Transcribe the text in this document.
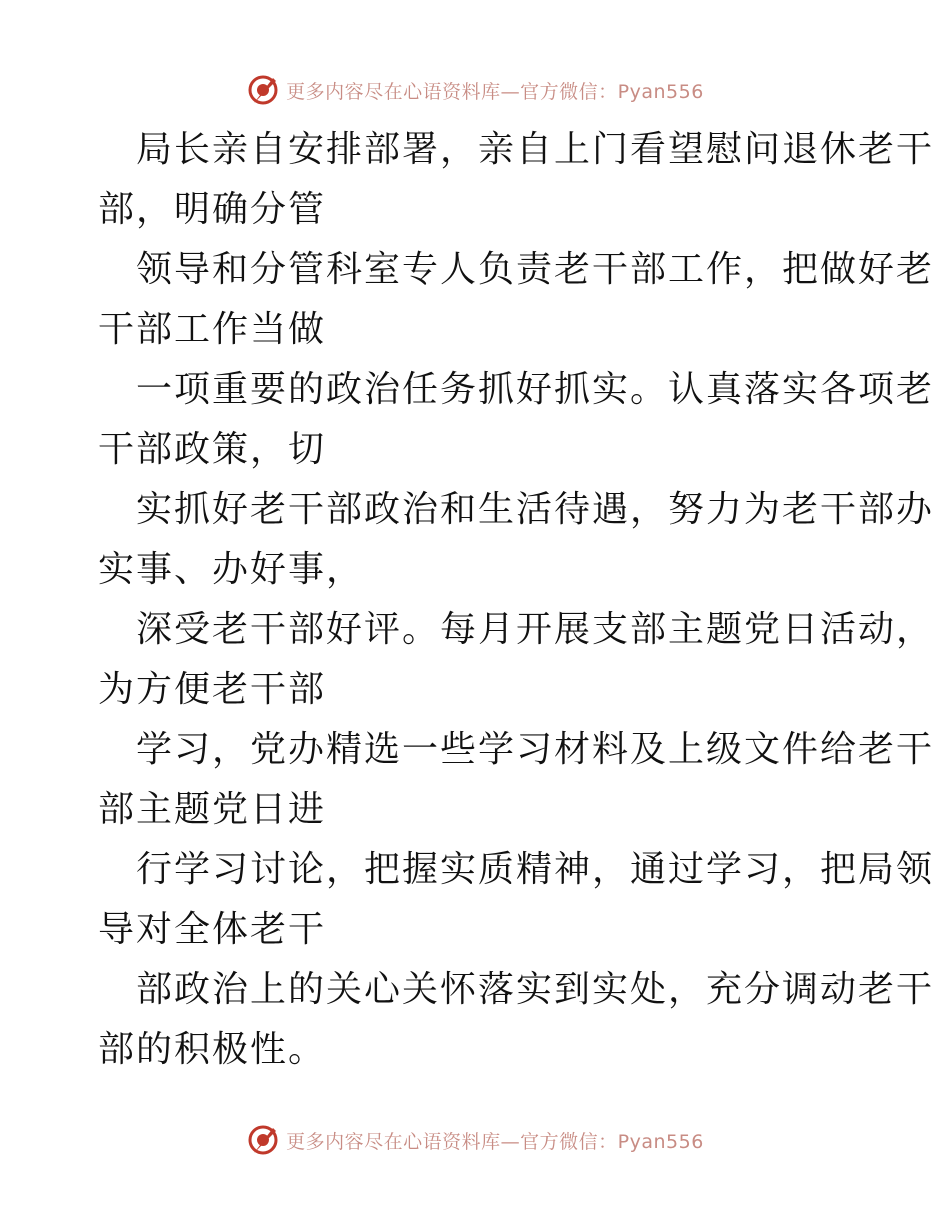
更多内容尽在心语资料库—官方微信：Pyan556
局长亲自安排部署，亲自上门看望慰问退休老干
部，明确分管
领导和分管科室专人负责老干部工作，把做好老
干部工作当做
一项重要的政治任务抓好抓实。认真落实各项老
干部政策，切
实抓好老干部政治和生活待遇，努力为老干部办
实事、办好事，
深受老干部好评。每月开展支部主题党日活动，
为方便老干部
学习，党办精选一些学习材料及上级文件给老干
部主题党日进
行学习讨论，把握实质精神，通过学习，把局领
导对全体老干
部政治上的关心关怀落实到实处，充分调动老干
部的积极性。
更多内容尽在心语资料库—官方微信：Pyan556
